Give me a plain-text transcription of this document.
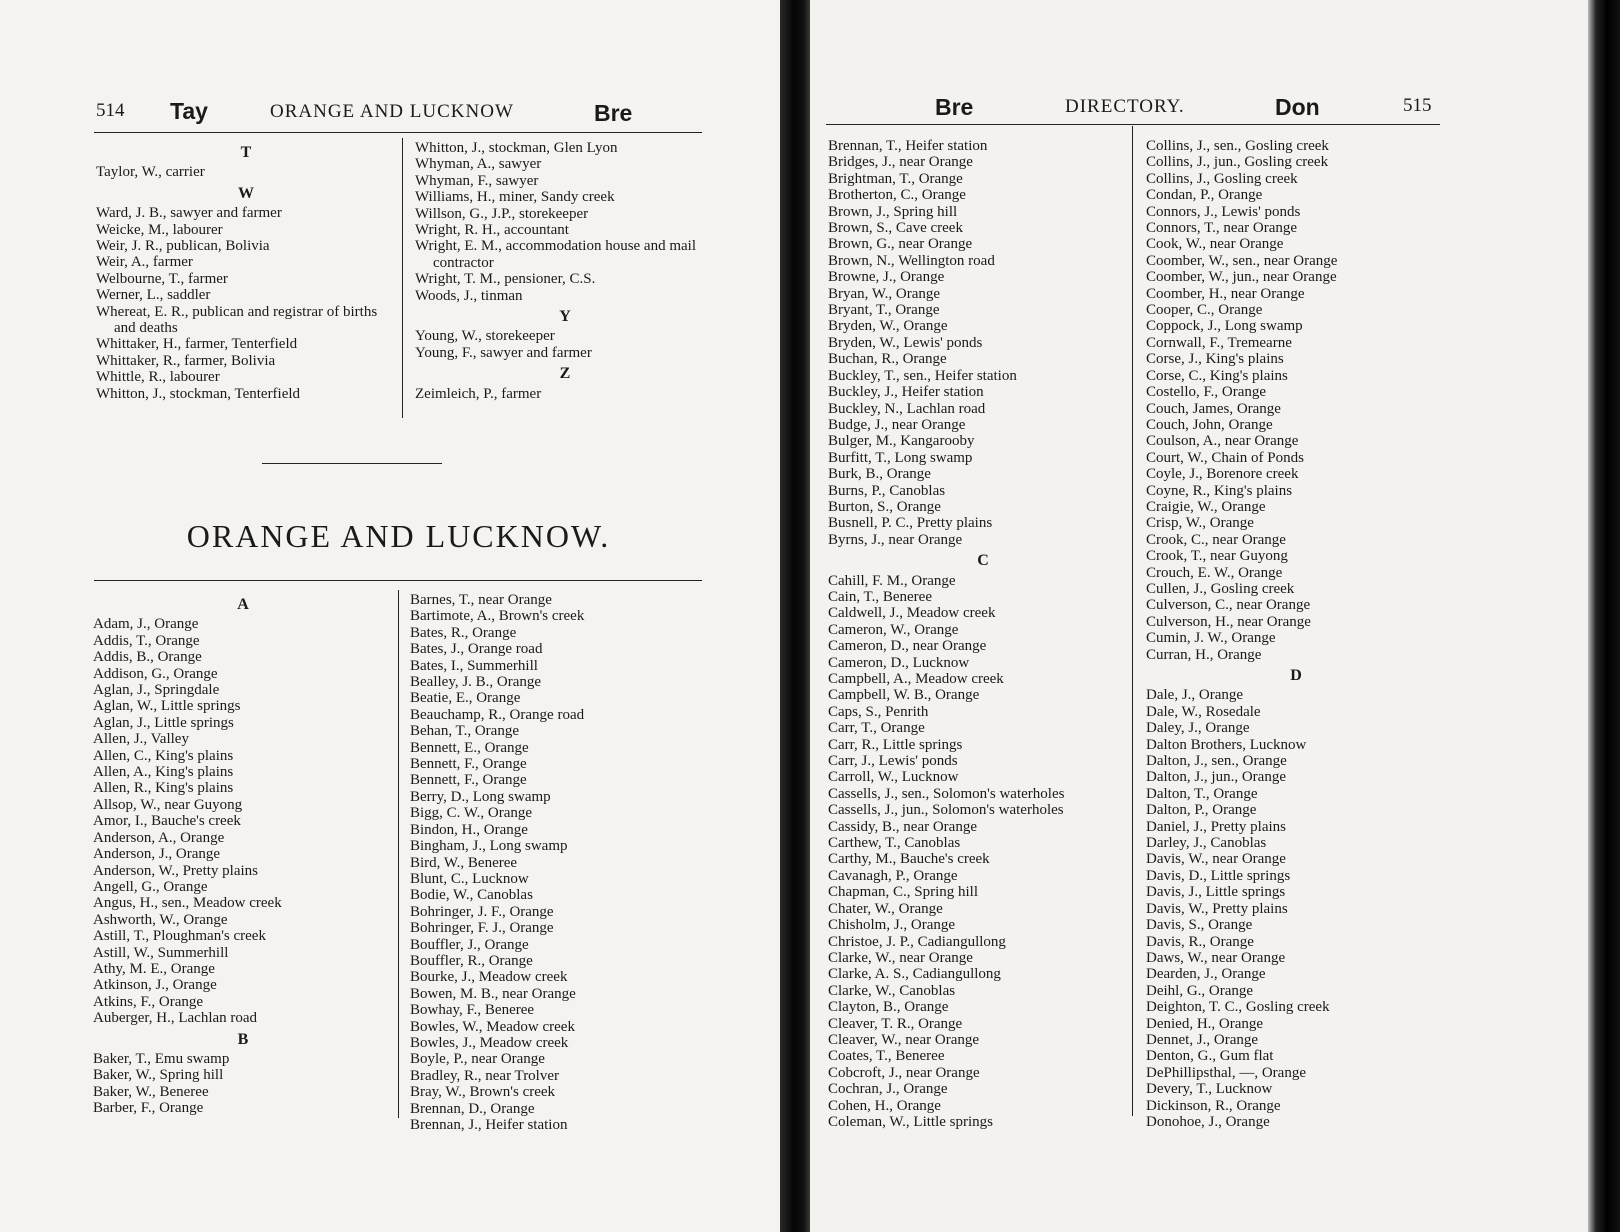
514 Tay	ORANGE AND LUCKNOW	Bre
T
Taylor, W., carrier
W
Ward, J. B., sawyer and farmer
Weicke, M., labourer
Weir, J. R., publican, Bolivia
Weir, A., farmer
Welbourne, T., farmer
Werner, L., saddler
Whereat, E. R., publican and registrar of births and deaths
Whittaker, H., farmer, Tenterfield
Whittaker, R., farmer, Bolivia
Whittle, R., labourer
Whitton, J., stockman, Tenterfield
Whitton, J., stockman, Glen Lyon
Whyman, A., sawyer
Whyman, F., sawyer
Williams, H., miner, Sandy creek
Willson, G., J.P., storekeeper
Wright, R. H., accountant
Wright, E. M., accommodation house and mail contractor
Wright, T. M., pensioner, C.S.
Woods, J., tinman
Y
Young, W., storekeeper
Young, F., sawyer and farmer
Z
Zeimleich, P., farmer
ORANGE AND LUCKNOW.
A
Adam, J., Orange
Addis, T., Orange
Addis, B., Orange
Addison, G., Orange
Aglan, J., Springdale
Aglan, W., Little springs
Aglan, J., Little springs
Allen, J., Valley
Allen, C., King's plains
Allen, A., King's plains
Allen, R., King's plains
Allsop, W., near Guyong
Amor, I., Bauche's creek
Anderson, A., Orange
Anderson, J., Orange
Anderson, W., Pretty plains
Angell, G., Orange
Angus, H., sen., Meadow creek
Ashworth, W., Orange
Astill, T., Ploughman's creek
Astill, W., Summerhill
Athy, M. E., Orange
Atkinson, J., Orange
Atkins, F., Orange
Auberger, H., Lachlan road
B
Baker, T., Emu swamp
Baker, W., Spring hill
Baker, W., Beneree
Barber, F., Orange
Barnes, T., near Orange
Bartimote, A., Brown's creek
Bates, R., Orange
Bates, J., Orange road
Bates, I., Summerhill
Bealley, J. B., Orange
Beatie, E., Orange
Beauchamp, R., Orange road
Behan, T., Orange
Bennett, E., Orange
Bennett, F., Orange
Bennett, F., Orange
Berry, D., Long swamp
Bigg, C. W., Orange
Bindon, H., Orange
Bingham, J., Long swamp
Bird, W., Beneree
Blunt, C., Lucknow
Bodie, W., Canoblas
Bohringer, J. F., Orange
Bohringer, F. J., Orange
Bouffler, J., Orange
Bouffler, R., Orange
Bourke, J., Meadow creek
Bowen, M. B., near Orange
Bowhay, F., Beneree
Bowles, W., Meadow creek
Bowles, J., Meadow creek
Boyle, P., near Orange
Bradley, R., near Trolver
Bray, W., Brown's creek
Brennan, D., Orange
Brennan, J., Heifer station
Bre	DIRECTORY.	Don	515
Brennan, T., Heifer station
Bridges, J., near Orange
Brightman, T., Orange
Brotherton, C., Orange
Brown, J., Spring hill
Brown, S., Cave creek
Brown, G., near Orange
Brown, N., Wellington road
Browne, J., Orange
Bryan, W., Orange
Bryant, T., Orange
Bryden, W., Orange
Bryden, W., Lewis' ponds
Buchan, R., Orange
Buckley, T., sen., Heifer station
Buckley, J., Heifer station
Buckley, N., Lachlan road
Budge, J., near Orange
Bulger, M., Kangarooby
Burfitt, T., Long swamp
Burk, B., Orange
Burns, P., Canoblas
Burton, S., Orange
Busnell, P. C., Pretty plains
Byrns, J., near Orange
C
Cahill, F. M., Orange
Cain, T., Beneree
Caldwell, J., Meadow creek
Cameron, W., Orange
Cameron, D., near Orange
Cameron, D., Lucknow
Campbell, A., Meadow creek
Campbell, W. B., Orange
Caps, S., Penrith
Carr, T., Orange
Carr, R., Little springs
Carr, J., Lewis' ponds
Carroll, W., Lucknow
Cassells, J., sen., Solomon's waterholes
Cassells, J., jun., Solomon's waterholes
Cassidy, B., near Orange
Carthew, T., Canoblas
Carthy, M., Bauche's creek
Cavanagh, P., Orange
Chapman, C., Spring hill
Chater, W., Orange
Chisholm, J., Orange
Christoe, J. P., Cadiangullong
Clarke, W., near Orange
Clarke, A. S., Cadiangullong
Clarke, W., Canoblas
Clayton, B., Orange
Cleaver, T. R., Orange
Cleaver, W., near Orange
Coates, T., Beneree
Cobcroft, J., near Orange
Cochran, J., Orange
Cohen, H., Orange
Coleman, W., Little springs
Collins, J., sen., Gosling creek
Collins, J., jun., Gosling creek
Collins, J., Gosling creek
Condan, P., Orange
Connors, J., Lewis' ponds
Connors, T., near Orange
Cook, W., near Orange
Coomber, W., sen., near Orange
Coomber, W., jun., near Orange
Coomber, H., near Orange
Cooper, C., Orange
Coppock, J., Long swamp
Cornwall, F., Tremearne
Corse, J., King's plains
Corse, C., King's plains
Costello, F., Orange
Couch, James, Orange
Couch, John, Orange
Coulson, A., near Orange
Court, W., Chain of Ponds
Coyle, J., Borenore creek
Coyne, R., King's plains
Craigie, W., Orange
Crisp, W., Orange
Crook, C., near Orange
Crook, T., near Guyong
Crouch, E. W., Orange
Cullen, J., Gosling creek
Culverson, C., near Orange
Culverson, H., near Orange
Cumin, J. W., Orange
Curran, H., Orange
D
Dale, J., Orange
Dale, W., Rosedale
Daley, J., Orange
Dalton Brothers, Lucknow
Dalton, J., sen., Orange
Dalton, J., jun., Orange
Dalton, T., Orange
Dalton, P., Orange
Daniel, J., Pretty plains
Darley, J., Canoblas
Davis, W., near Orange
Davis, D., Little springs
Davis, J., Little springs
Davis, W., Pretty plains
Davis, S., Orange
Davis, R., Orange
Daws, W., near Orange
Dearden, J., Orange
Deihl, G., Orange
Deighton, T. C., Gosling creek
Denied, H., Orange
Dennet, J., Orange
Denton, G., Gum flat
DePhillipsthal, —, Orange
Devery, T., Lucknow
Dickinson, R., Orange
Donohoe, J., Orange
